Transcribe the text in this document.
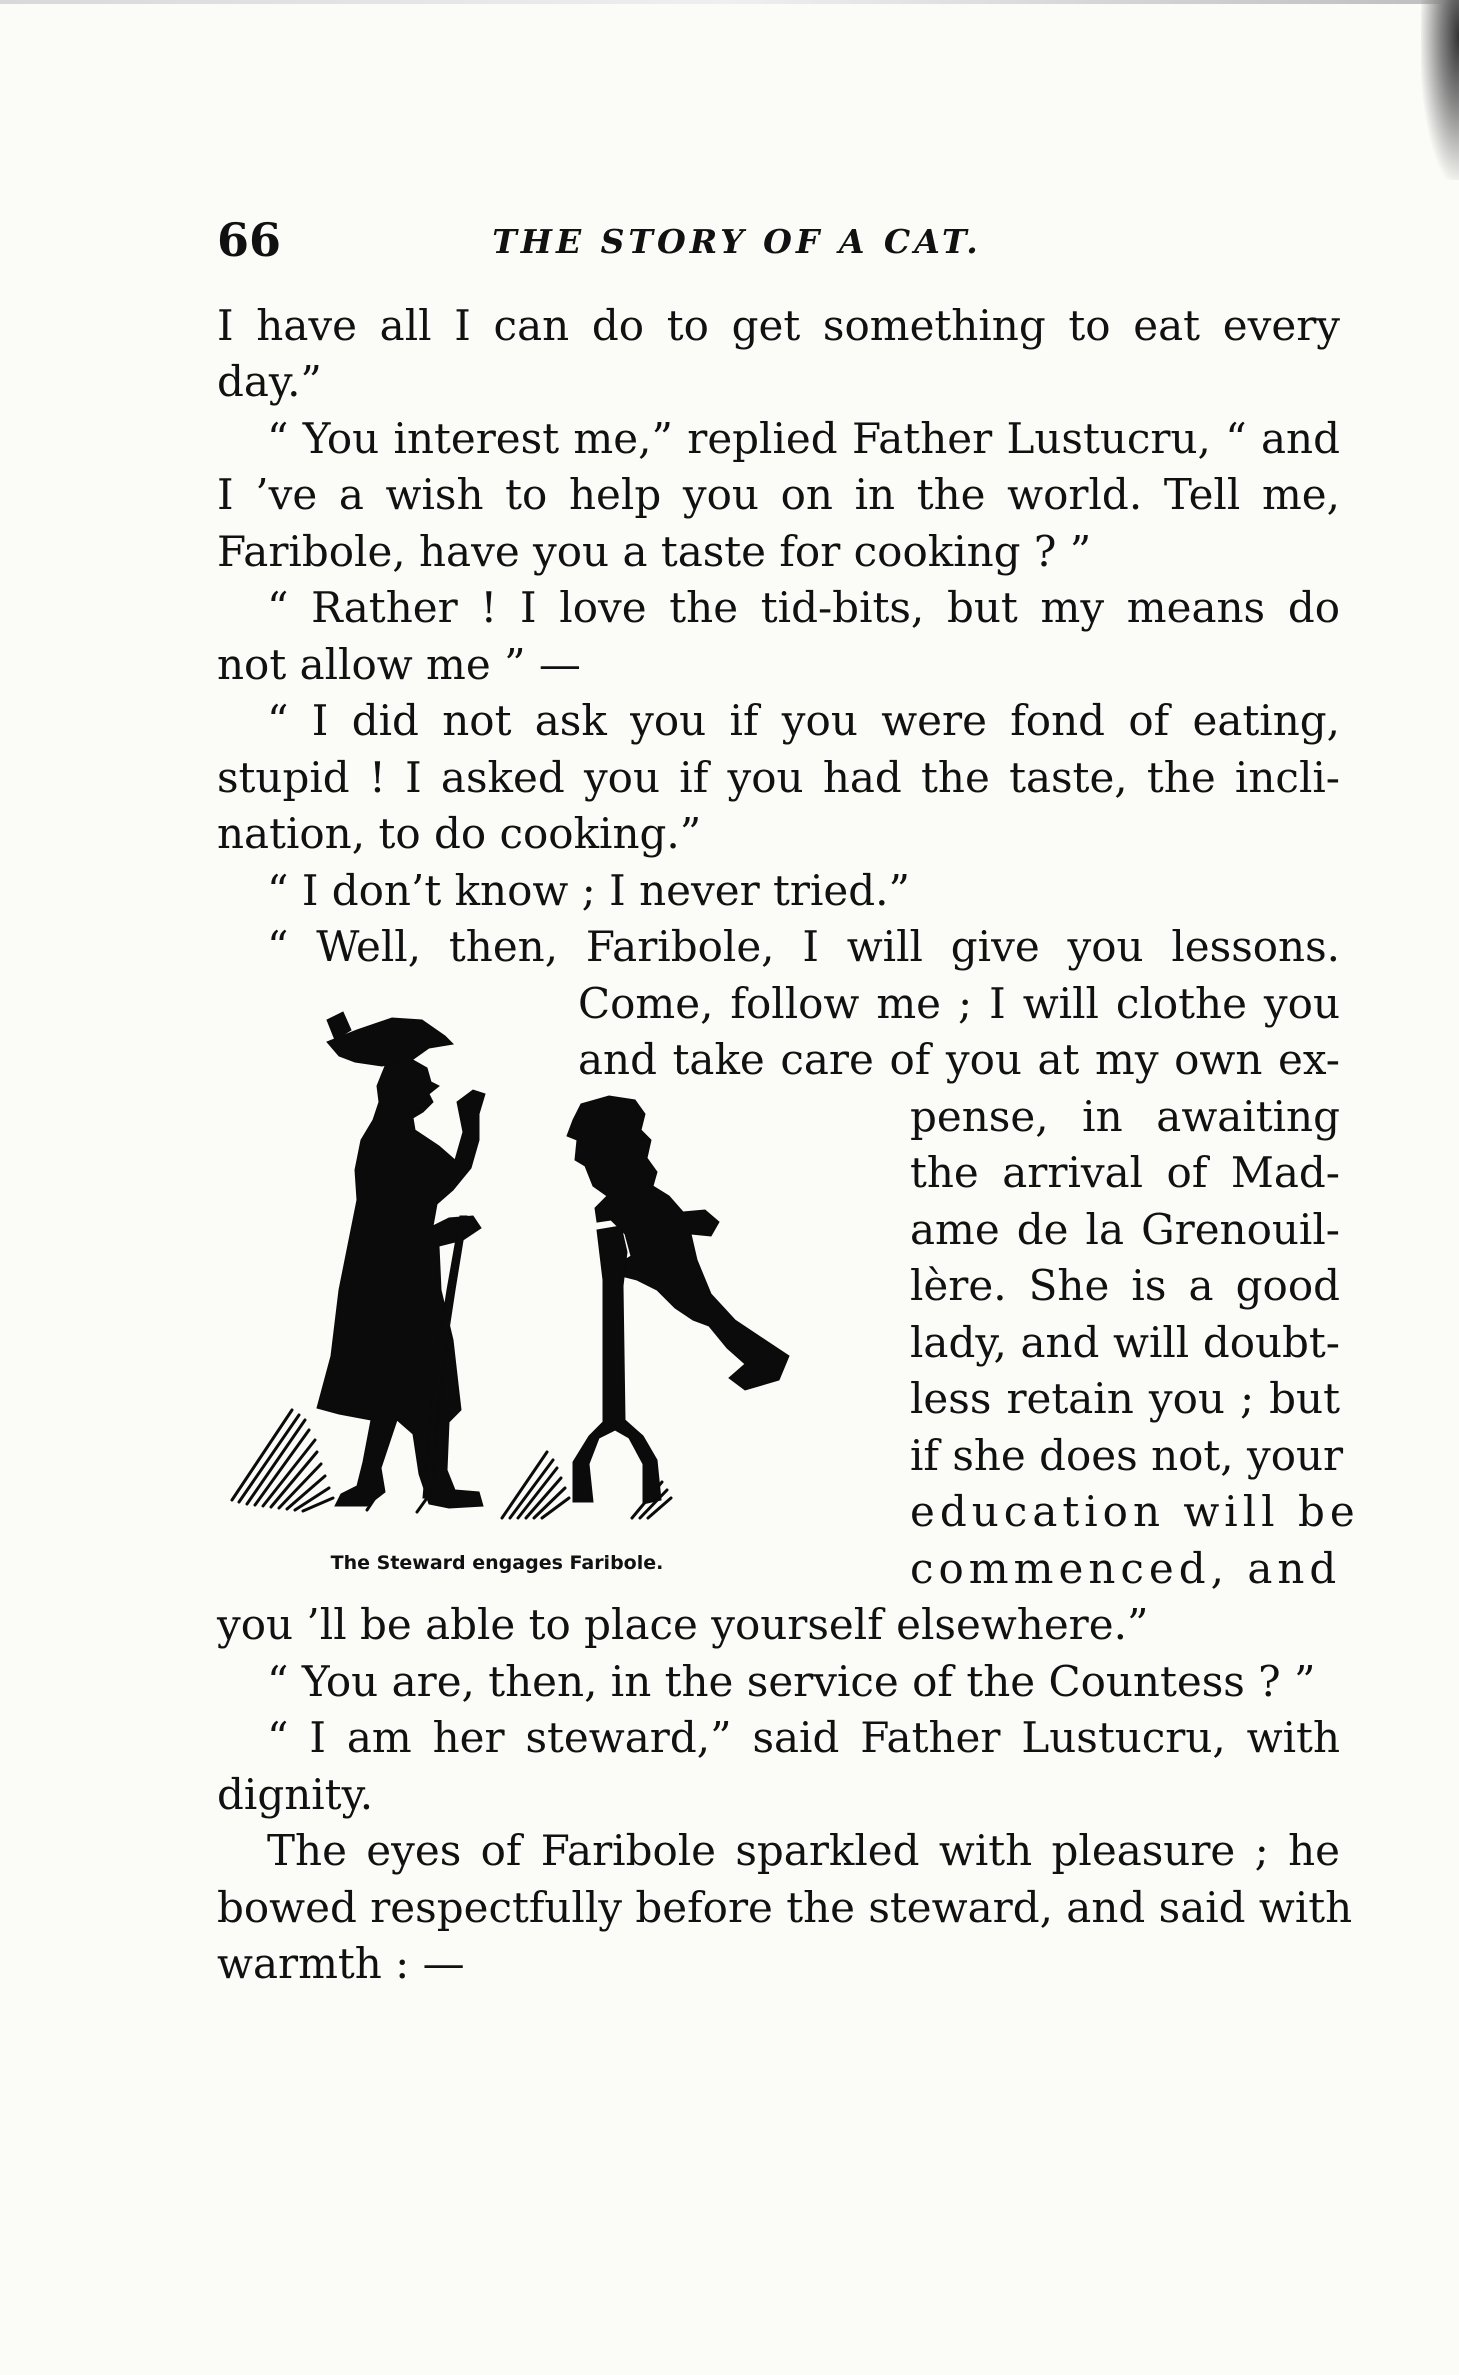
66	THE STORY OF A CAT.
I have all I can do to get something to eat every
day.”
“ You interest me,” replied Father Lustucru, “ and
I ’ve a wish to help you on in the world. Tell me,
Faribole, have you a taste for cooking ? ”
“ Rather ! I love the tid-bits, but my means do
not allow me ” —
“ I did not ask you if you were fond of eating,
stupid ! I asked you if you had the taste, the incli-
nation, to do cooking.”
“ I don’t know ; I never tried.”
“ Well, then, Faribole, I will give you lessons.
Come, follow me ; I will clothe you
and take care of you at my own ex-
pense, in awaiting
the arrival of Mad-
ame de la Grenouil-
lère. She is a good
lady, and will doubt-
less retain you ; but
if she does not, your
education will be
commenced, and
you ’ll be able to place yourself elsewhere.”
“ You are, then, in the service of the Countess ? ”
“ I am her steward,” said Father Lustucru, with
dignity.
The eyes of Faribole sparkled with pleasure ; he
bowed respectfully before the steward, and said with
warmth : —
The Steward engages Faribole.
